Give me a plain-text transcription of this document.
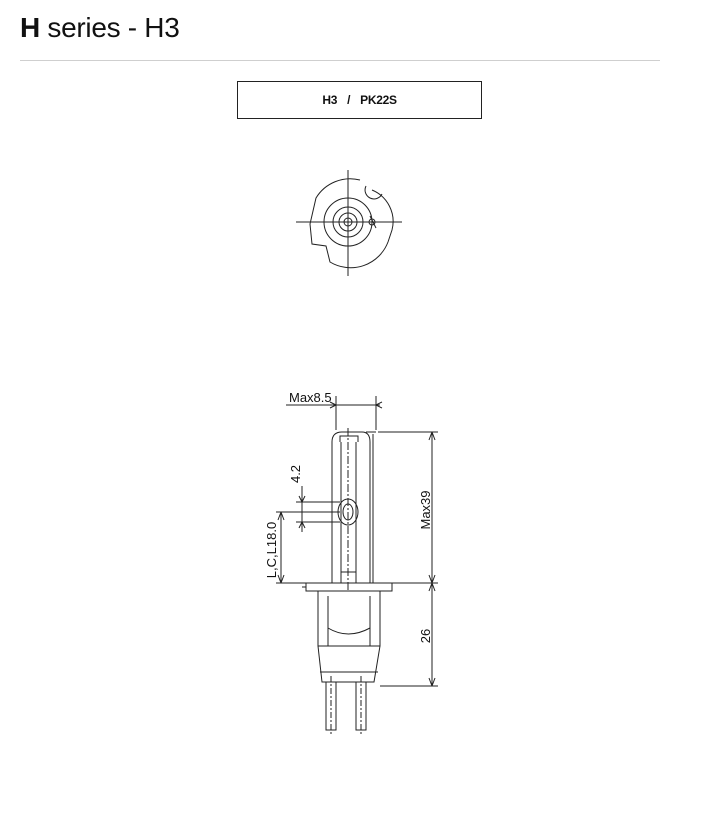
H series - H3
H3 / PK22S
Max8.5
Max39
26
4.2
L,C,L18.0
